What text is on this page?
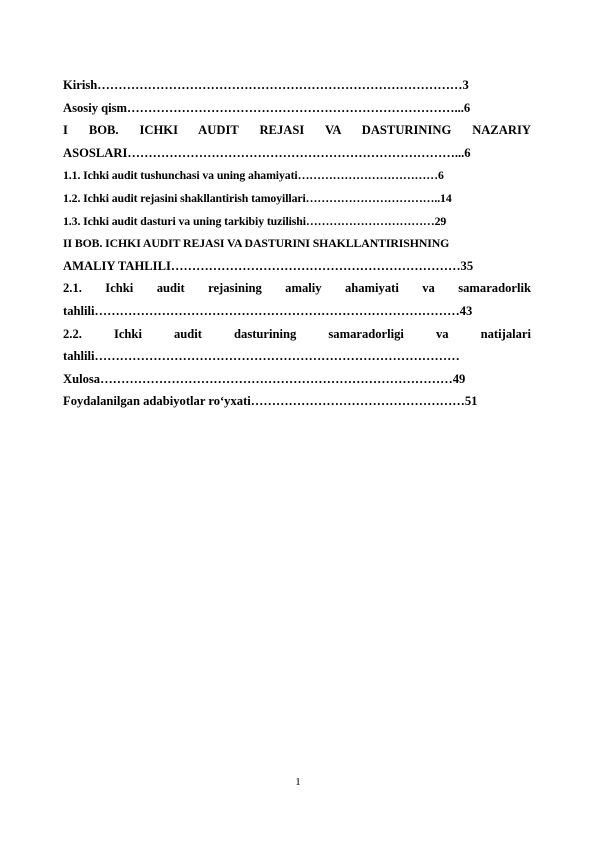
Kirish……………………………………………………………………………3
Asosiy qism……………………………………………………………………...6
I BOB. ICHKI AUDIT REJASI VA DASTURINING NAZARIY
ASOSLARI……………………………………………………………………...6
1.1. Ichki audit tushunchasi va uning ahamiyati………………………………6
1.2. Ichki audit rejasini shakllantirish tamoyillari……………………………..14
1.3. Ichki audit dasturi va uning tarkibiy tuzilishi……………………………29
II BOB. ICHKI AUDIT REJASI VA DASTURINI SHAKLLANTIRISHNING
AMALIY TAHLILI……………………………………………………………35
2.1. Ichki audit rejasining amaliy ahamiyati va samaradorlik
tahlili……………………………………………………………………………43
2.2. Ichki audit dasturining samaradorligi va natijalari
tahlili……………………………………………………………………………
Xulosa…………………………………………………………………………49
Foydalanilgan adabiyotlar ro‘yxati……………………………………………51
1
